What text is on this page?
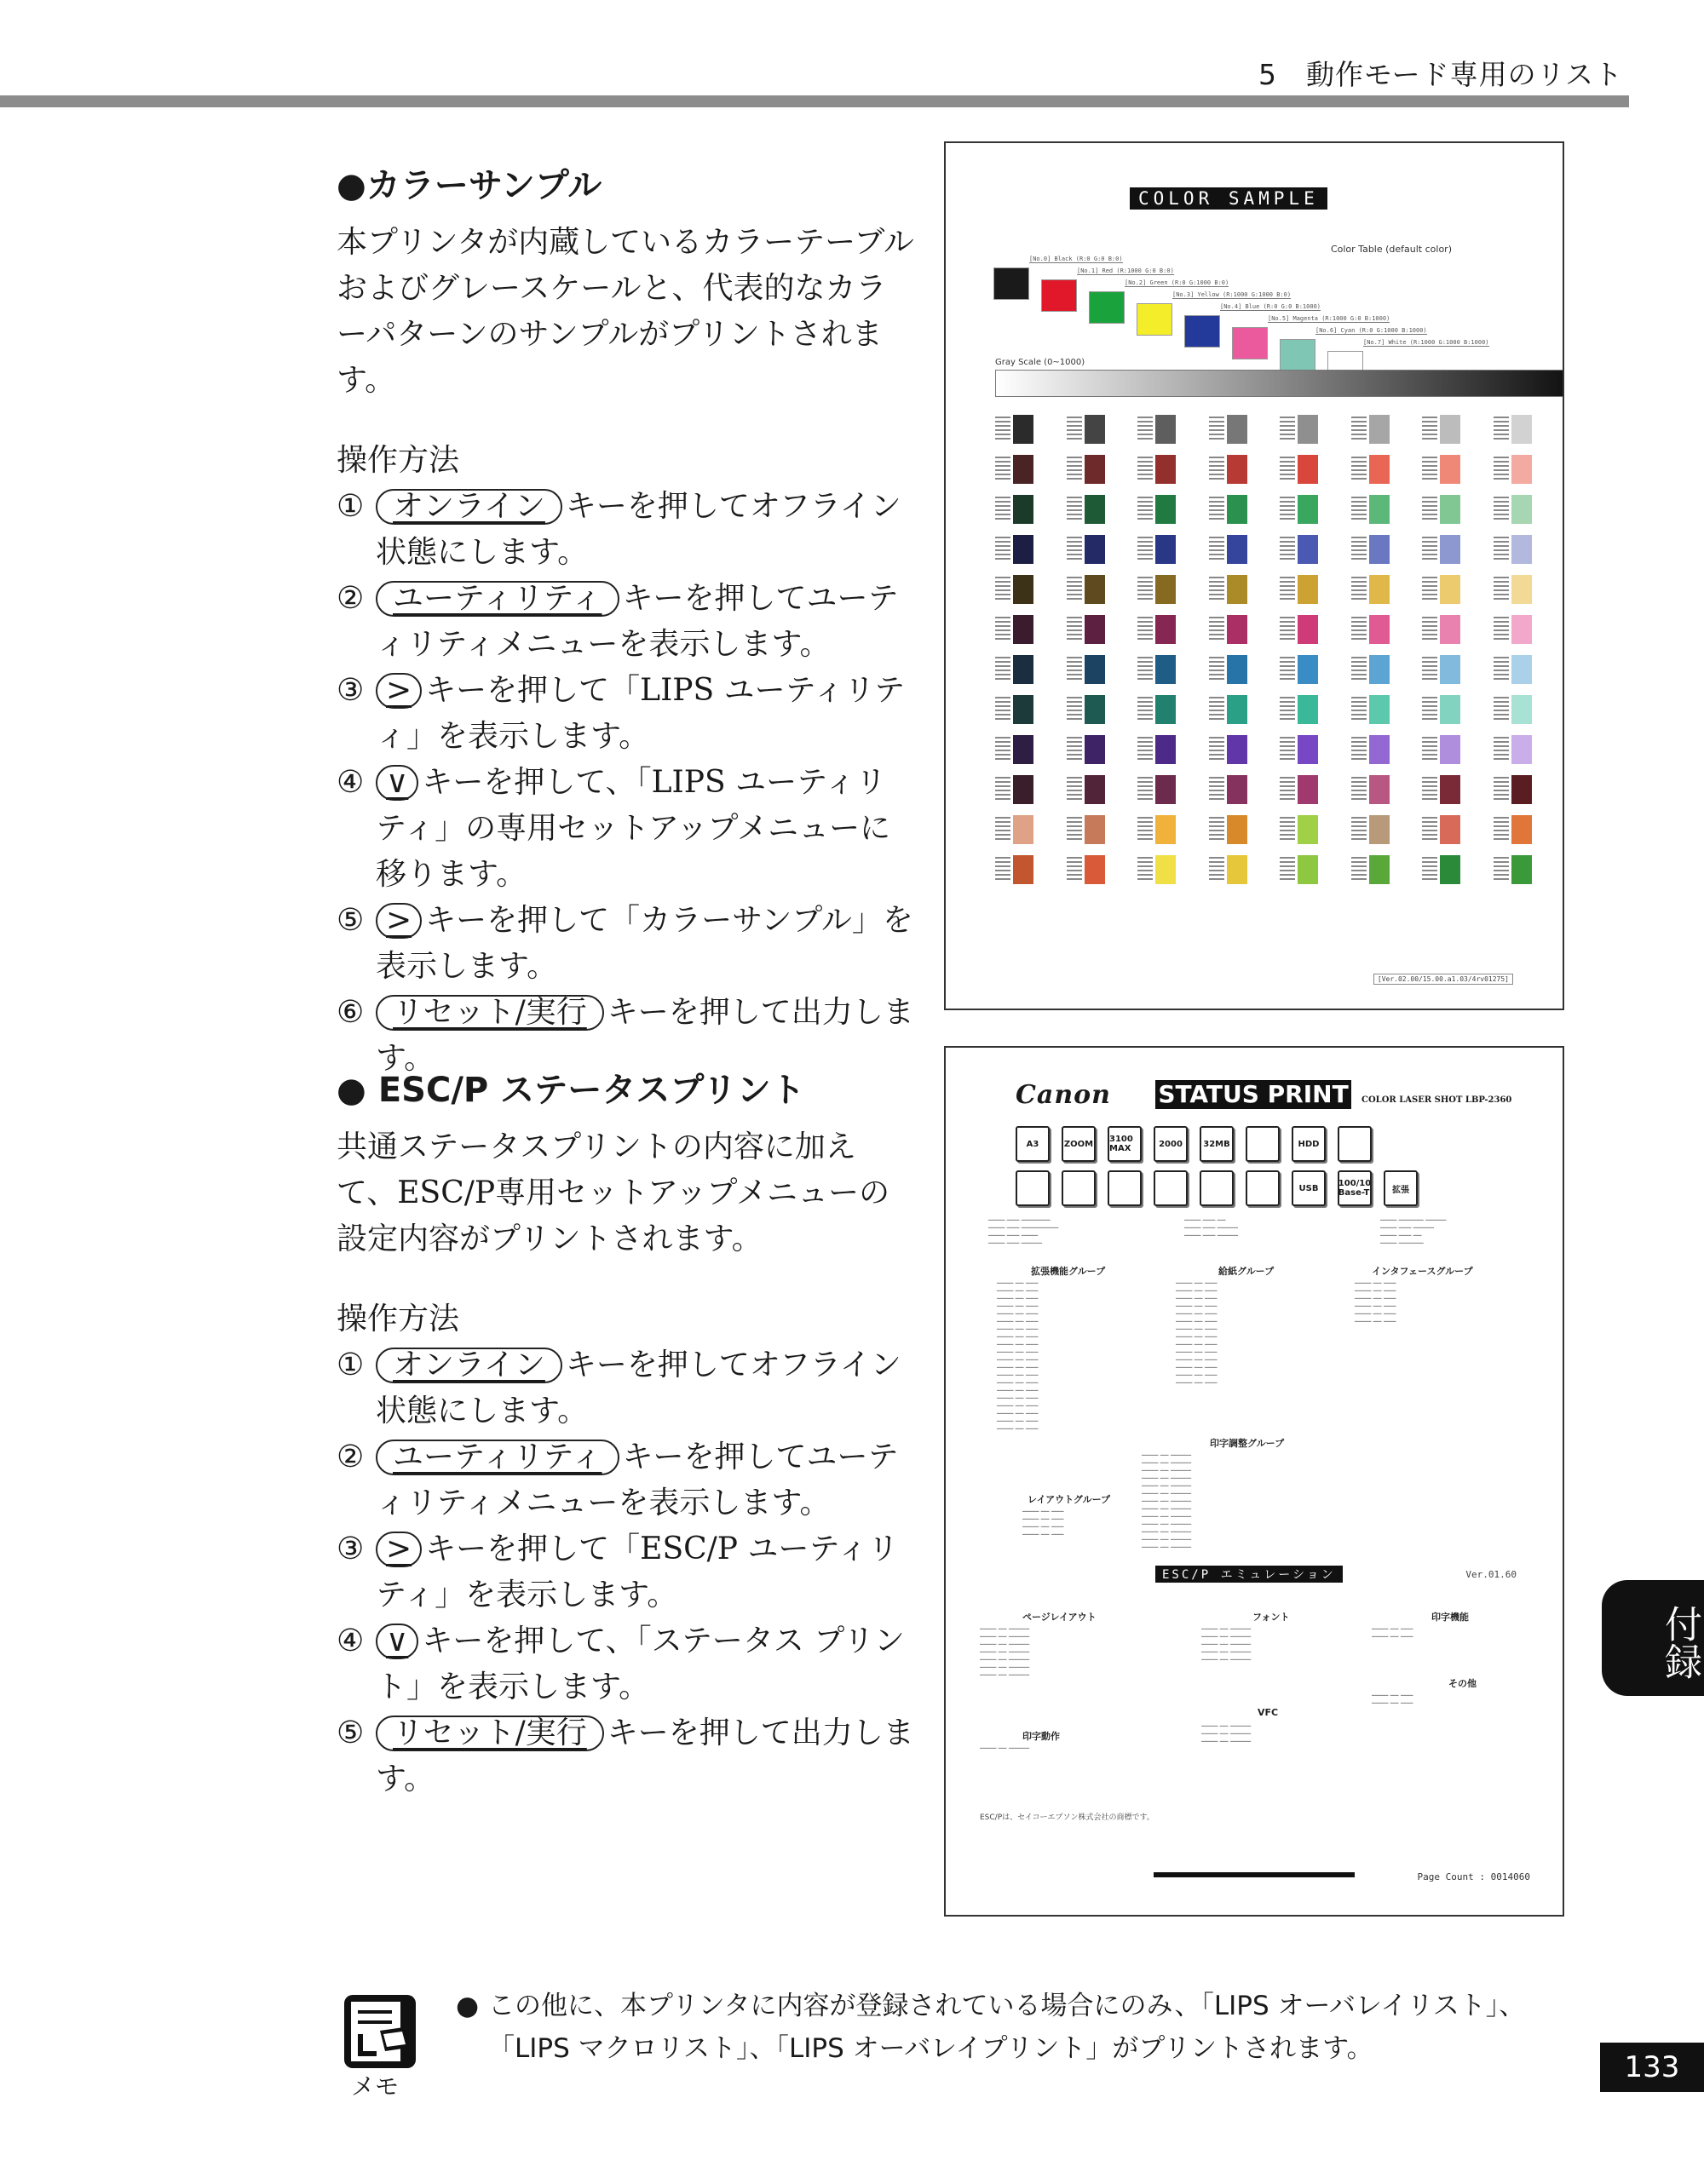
5　動作モード専用のリスト
●カラーサンプル

本プリンタが内蔵しているカラーテーブルおよびグレースケールと、代表的なカラーパターンのサンプルがプリントされます。

操作方法

① オンライン キーを押してオフライン状態にします。

② ユーティリティ キーを押してユーティリティメニューを表示します。

③ > キーを押して「LIPS ユーティリティ」を表示します。

④ ∨ キーを押して、「LIPS ユーティリティ」の専用セットアップメニューに移ります。

⑤ > キーを押して「カラーサンプル」を表示します。

⑥ リセット/実行 キーを押して出力します。

● ESC/P ステータスプリント

共通ステータスプリントの内容に加えて、ESC/P専用セットアップメニューの設定内容がプリントされます。

操作方法

① オンライン キーを押してオフライン状態にします。

② ユーティリティ キーを押してユーティリティメニューを表示します。

③ > キーを押して「ESC/P ユーティリティ」を表示します。

④ ∨ キーを押して、「ステータス プリント」を表示します。

⑤ リセット/実行 キーを押して出力します。

COLOR SAMPLE
Color Table (default color)
[No.0] Black (R:0 G:0 B:0)
[No.1] Red (R:1000 G:0 B:0)
[No.2] Green (R:0 G:1000 B:0)
[No.3] Yellow (R:1000 G:1000 B:0)
[No.4] Blue (R:0 G:0 B:1000)
[No.5] Magenta (R:1000 G:0 B:1000)
[No.6] Cyan (R:0 G:1000 B:1000)
[No.7] White (R:1000 G:1000 B:1000)
Gray Scale (0~1000)
[Ver.02.00/15.00.a1.03/4rv01275]
Canon STATUS PRINT	COLOR LASER SHOT LBP-2360
A3	ZOOM 3100 MAX	2000	32MB	HDD
USB	100/10 Base-T	拡張
──── ─── ───────
──── ─── ─────────
──── ─── ────
──── ─── ─────
──── ─── ──
──── ─── ─────
──── ─── ─────
──── ────── ─────
──── ─── ─────
──── ─── ──
──── ──────
拡張機能グループ	給紙グループ	インタフェースグループ
──── ── ───
──── ── ───
──── ── ───
──── ── ───
──── ── ───
──── ── ───
──── ── ───
──── ── ───
──── ── ───
──── ── ───
──── ── ───
──── ── ───
──── ── ───
──── ── ───
──── ── ───
──── ── ───
──── ── ───
──── ── ───
──── ── ───
──── ── ───
──── ── ───
──── ── ───
──── ── ───
──── ── ───
──── ── ───
──── ── ───
──── ── ───
──── ── ───
──── ── ───
──── ── ───
──── ── ───
──── ── ───
──── ── ───
──── ── ───
──── ── ───
──── ── ───
──── ── ───
──── ── ───
──── ── ───
──── ── ───
印字調整グループ
──── ── ─────
──── ── ─────
──── ── ─────
──── ── ─────
──── ── ─────
──── ── ─────
──── ── ─────
──── ── ─────
──── ── ─────
──── ── ─────
──── ── ─────
──── ── ─────
──── ── ─────
レイアウトグループ
──── ── ───
──── ── ───
──── ── ───
──── ── ───
ESC/P エミュレーション	Ver.01.60
ページレイアウト	フォント	印字機能
──── ── ─────
──── ── ─────
──── ── ─────
──── ── ─────
──── ── ─────
──── ── ─────
──── ── ─────
──── ── ─────
──── ── ─────
──── ── ─────
──── ── ─────
──── ── ─────
──── ── ───
──── ── ───
その他
──── ── ───
──── ── ───
VFC
──── ── ─────
──── ── ─────
──── ── ─────
印字動作
──── ── ─────
ESC/Pは、セイコーエプソン株式会社の商標です。
Page Count : 0014060
メモ
● この他に、本プリンタに内容が登録されている場合にのみ、「LIPS オーバレイリスト」、「LIPS マクロリスト」、「LIPS オーバレイプリント」がプリントされます。
付録
133
